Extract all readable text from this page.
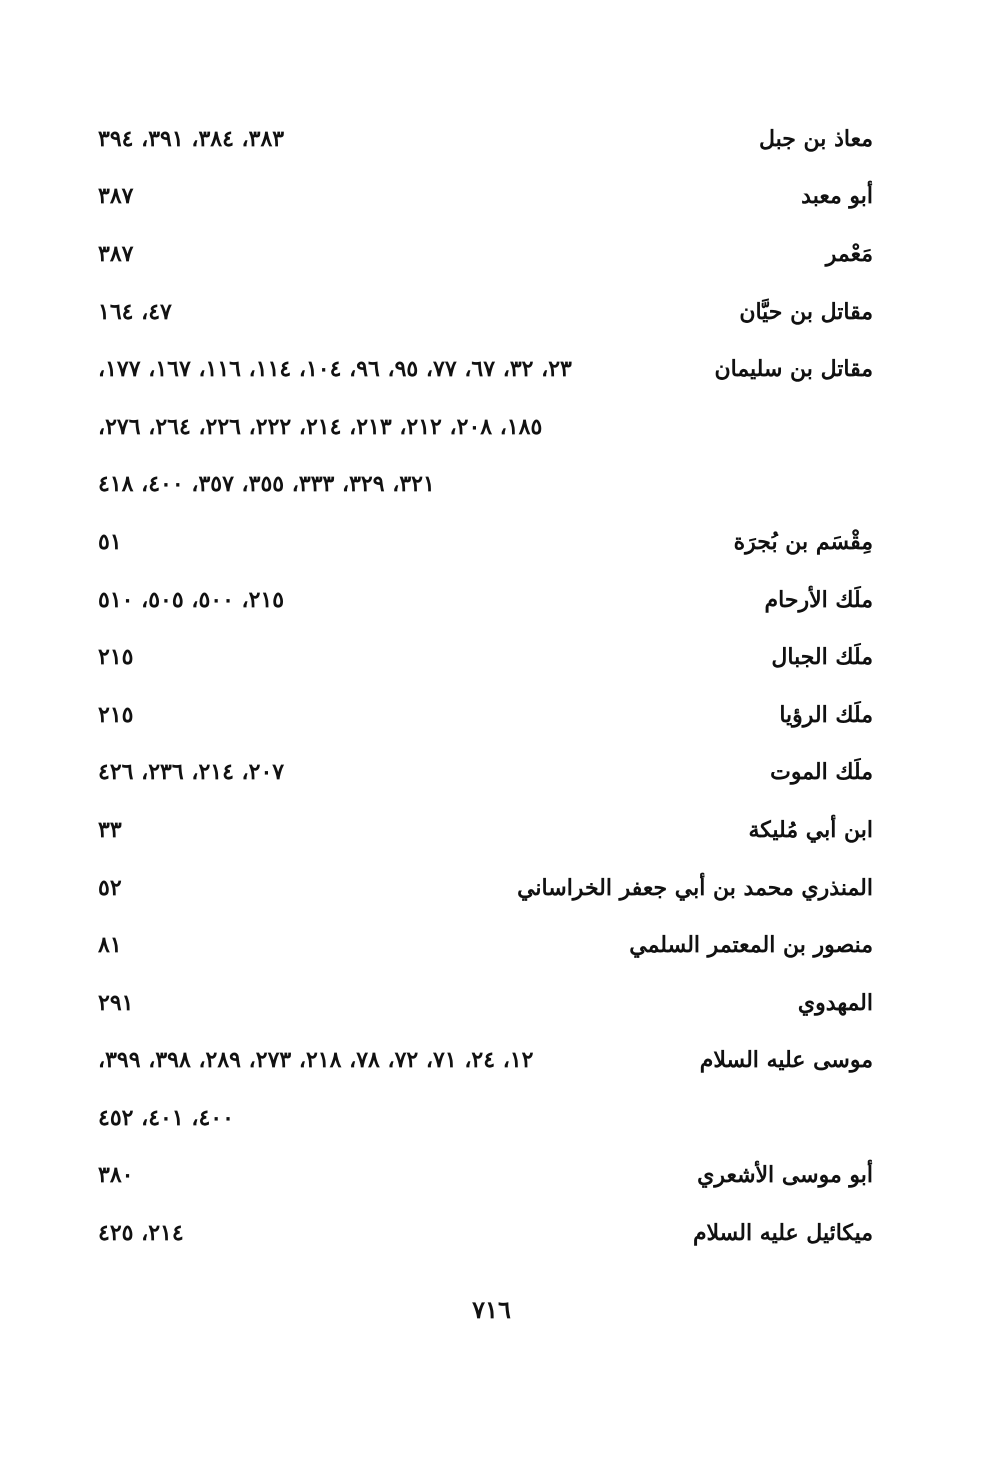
معاذ بن جبل
٣٨٣، ٣٨٤، ٣٩١، ٣٩٤
أبو معبد
٣٨٧
مَعْمر
٣٨٧
مقاتل بن حيَّان
٤٧، ١٦٤
مقاتل بن سليمان
٢٣، ٣٢، ٦٧، ٧٧، ٩٥، ٩٦، ١٠٤، ١١٤، ١١٦، ١٦٧، ١٧٧،
١٨٥، ٢٠٨، ٢١٢، ٢١٣، ٢١٤، ٢٢٢، ٢٢٦، ٢٦٤، ٢٧٦،
٣٢١، ٣٢٩، ٣٣٣، ٣٥٥، ٣٥٧، ٤٠٠، ٤١٨
مِقْسَم بن بُجرَة
٥١
ملَك الأرحام
٢١٥، ٥٠٠، ٥٠٥، ٥١٠
ملَك الجبال
٢١٥
ملَك الرؤيا
٢١٥
ملَك الموت
٢٠٧، ٢١٤، ٢٣٦، ٤٢٦
ابن أبي مُليكة
٣٣
المنذري محمد بن أبي جعفر الخراساني
٥٢
منصور بن المعتمر السلمي
٨١
المهدوي
٢٩١
موسى عليه السلام
١٢، ٢٤، ٧١، ٧٢، ٧٨، ٢١٨، ٢٧٣، ٢٨٩، ٣٩٨، ٣٩٩،
٤٠٠، ٤٠١، ٤٥٢
أبو موسى الأشعري
٣٨٠
ميكائيل عليه السلام
٢١٤، ٤٢٥
٧١٦
